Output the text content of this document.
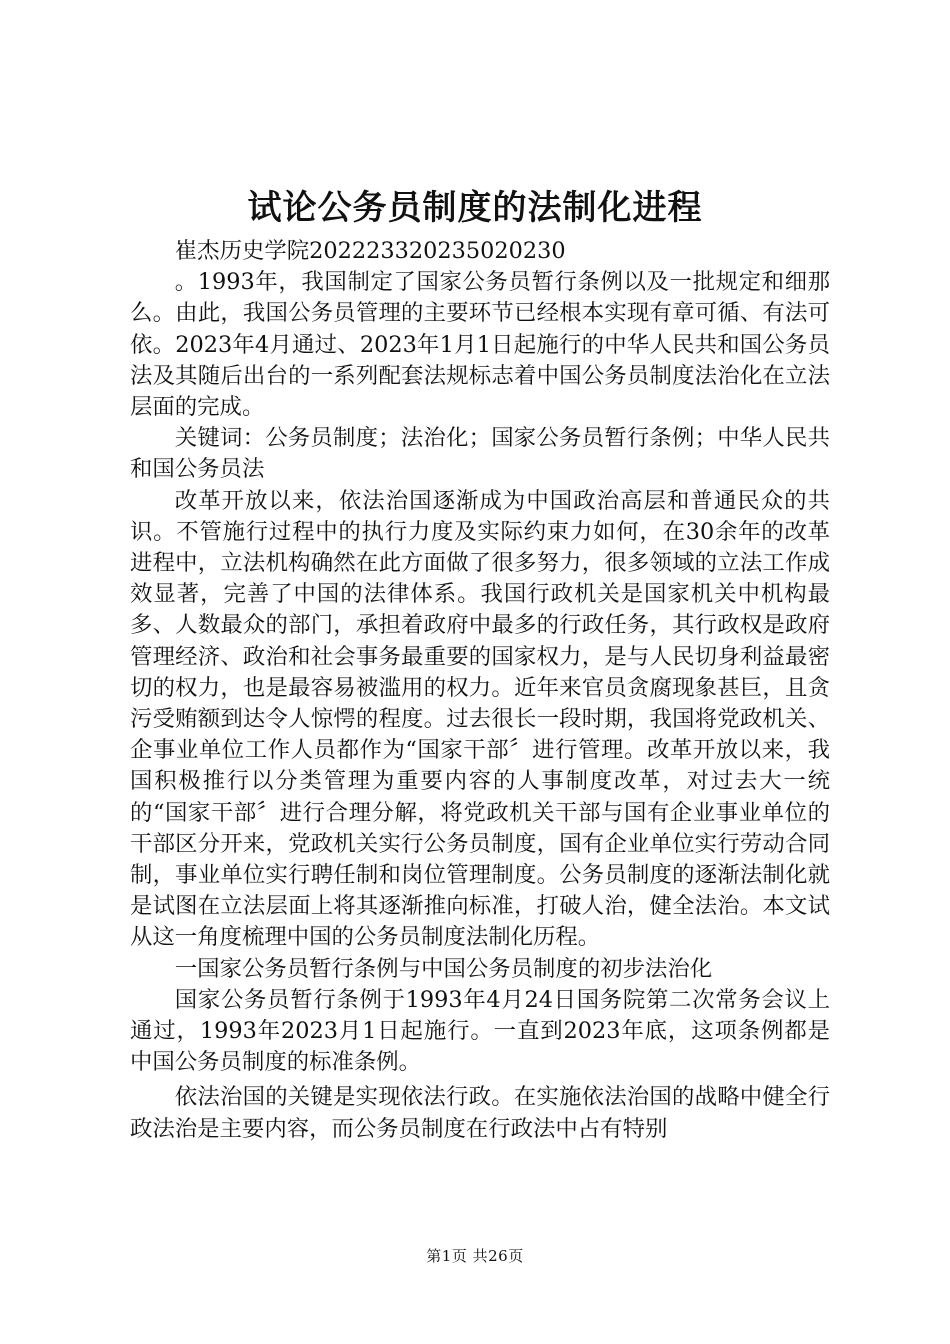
试论公务员制度的法制化进程

崔杰历史学院20222332023502023​0

。1993年，我国制定了国家公务员暂行条例以及一批规定和细那么。由此，我国公务员管理的主要环节已经根本实现有章可循、有法可依。2023年4月通过、2023年1月1日起施行的中华人民共和国公务员法及其随后出台的一系列配套法规标志着中国公务员制度法治化在立法层面的完成。

关键词：公务员制度；法治化；国家公务员暂行条例；中华人民共和国公务员法

改革开放以来，依法治国逐渐成为中国政治高层和普通民众的共识。不管施行过程中的执行力度及实际约束力如何，在30余年的改革进程中，立法机构确然在此方面做了很多努力，很多领域的立法工作成效显著，完善了中国的法律体系。我国行政机关是国家机关中机构最多、人数最众的部门，承担着政府中最多的行政任务，其行政权是政府管理经济、政治和社会事务最重要的国家权力，是与人民切身利益最密切的权力，也是最容易被滥用的权力。近年来官员贪腐现象甚巨，且贪污受贿额到达令人惊愕的程度。过去很长一段时期，我国将党政机关、企事业单位工作人员都作为“国家干部〞进行管理。改革开放以来，我国积极推行以分类管理为重要内容的人事制度改革，对过去大一统的“国家干部〞进行合理分解，将党政机关干部与国有企业事业单位的干部区分开来，党政机关实行公务员制度，国有企业单位实行劳动合同制，事业单位实行聘任制和岗位管理制度。公务员制度的逐渐法制化就是试图在立法层面上将其逐渐推向标准，打破人治，健全法治。本文试从这一角度梳理中国的公务员制度法制化历程。

一国家公务员暂行条例与中国公务员制度的初步法治化

国家公务员暂行条例于1993年4月24日国务院第二次常务会议上通过，1993年2023月1日起施行。一直到2023年底，这项条例都是中国公务员制度的标准条例。

依法治国的关键是实现依法行政。在实施依法治国的战略中健全行政法治是主要内容，而公务员制度在行政法中占有特别

第1页 共26页
